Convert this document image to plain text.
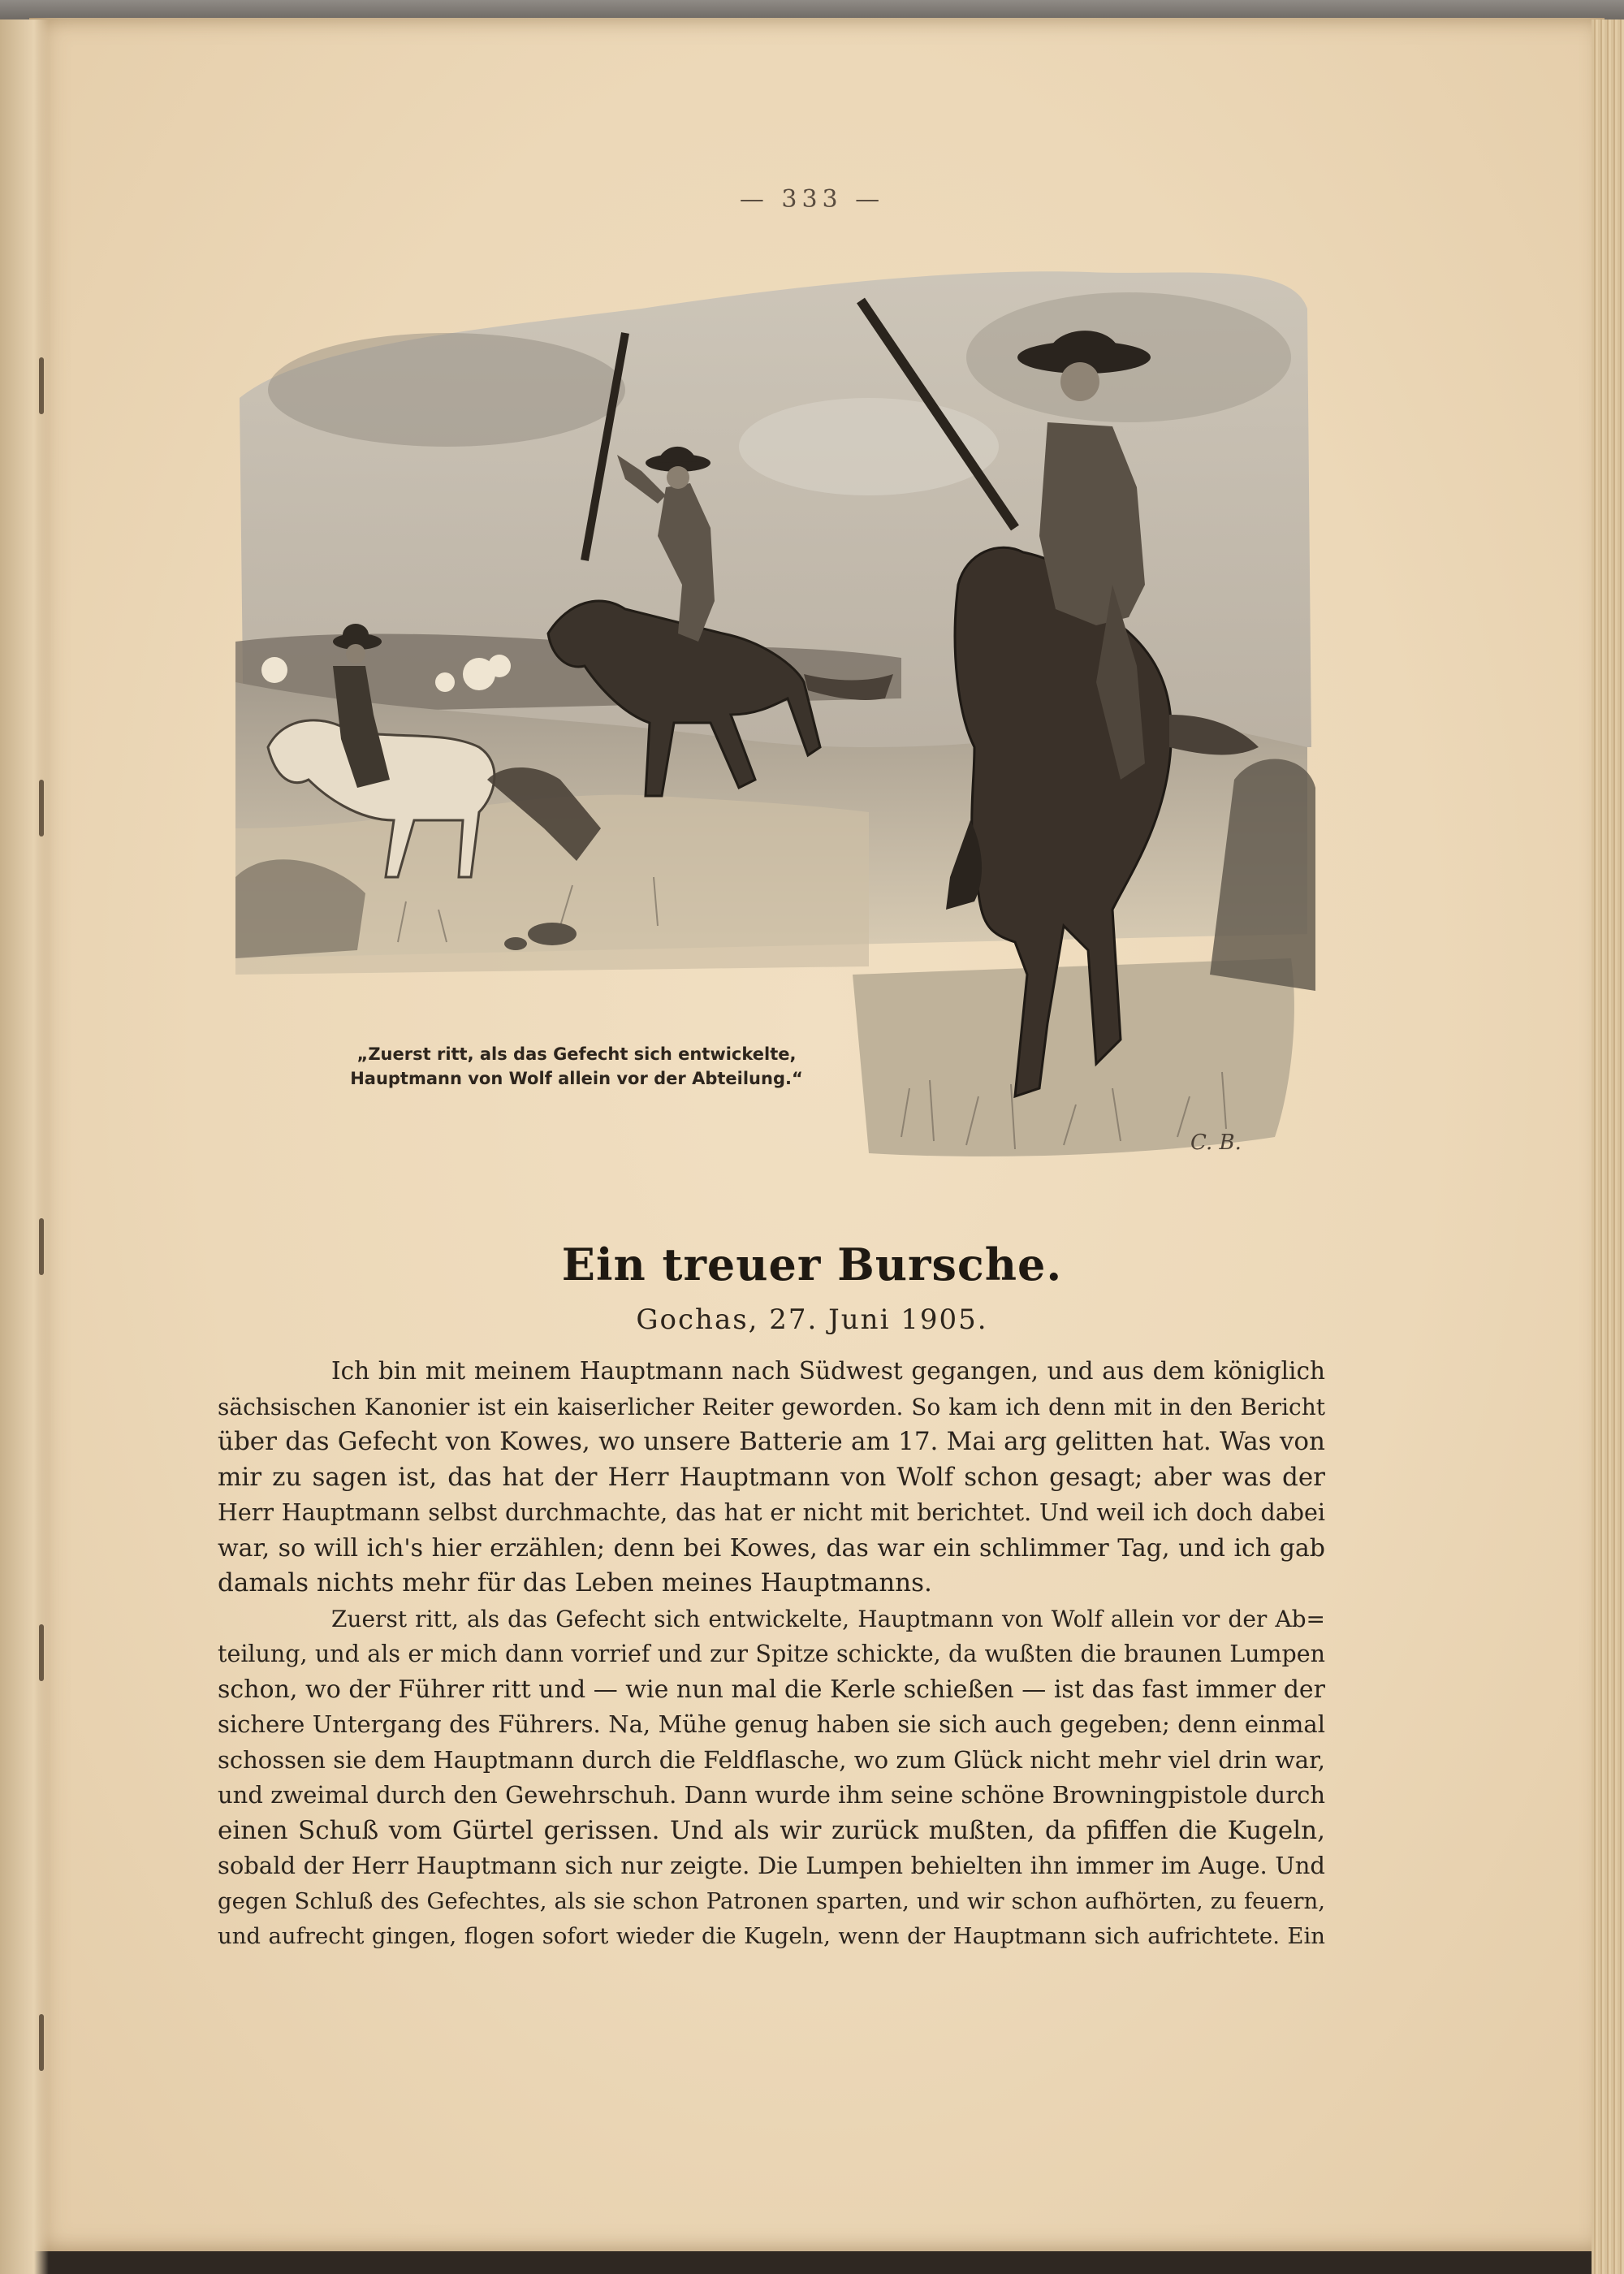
— 333 —
„Zuerst ritt, als das Gefecht sich entwickelte,
Hauptmann von Wolf allein vor der Abteilung.“
C. B.
Ein treuer Bursche.
Gochas, 27. Juni 1905.
Ich bin mit meinem Hauptmann nach Südwest gegangen, und aus dem königlich
sächsischen Kanonier ist ein kaiserlicher Reiter geworden. So kam ich denn mit in den Bericht
über das Gefecht von Kowes, wo unsere Batterie am 17. Mai arg gelitten hat. Was von
mir zu sagen ist, das hat der Herr Hauptmann von Wolf schon gesagt; aber was der
Herr Hauptmann selbst durchmachte, das hat er nicht mit berichtet. Und weil ich doch dabei
war, so will ich's hier erzählen; denn bei Kowes, das war ein schlimmer Tag, und ich gab
damals nichts mehr für das Leben meines Hauptmanns.
Zuerst ritt, als das Gefecht sich entwickelte, Hauptmann von Wolf allein vor der Ab=
teilung, und als er mich dann vorrief und zur Spitze schickte, da wußten die braunen Lumpen
schon, wo der Führer ritt und — wie nun mal die Kerle schießen — ist das fast immer der
sichere Untergang des Führers. Na, Mühe genug haben sie sich auch gegeben; denn einmal
schossen sie dem Hauptmann durch die Feldflasche, wo zum Glück nicht mehr viel drin war,
und zweimal durch den Gewehrschuh. Dann wurde ihm seine schöne Browningpistole durch
einen Schuß vom Gürtel gerissen. Und als wir zurück mußten, da pfiffen die Kugeln,
sobald der Herr Hauptmann sich nur zeigte. Die Lumpen behielten ihn immer im Auge. Und
gegen Schluß des Gefechtes, als sie schon Patronen sparten, und wir schon aufhörten, zu feuern,
und aufrecht gingen, flogen sofort wieder die Kugeln, wenn der Hauptmann sich aufrichtete. Ein
